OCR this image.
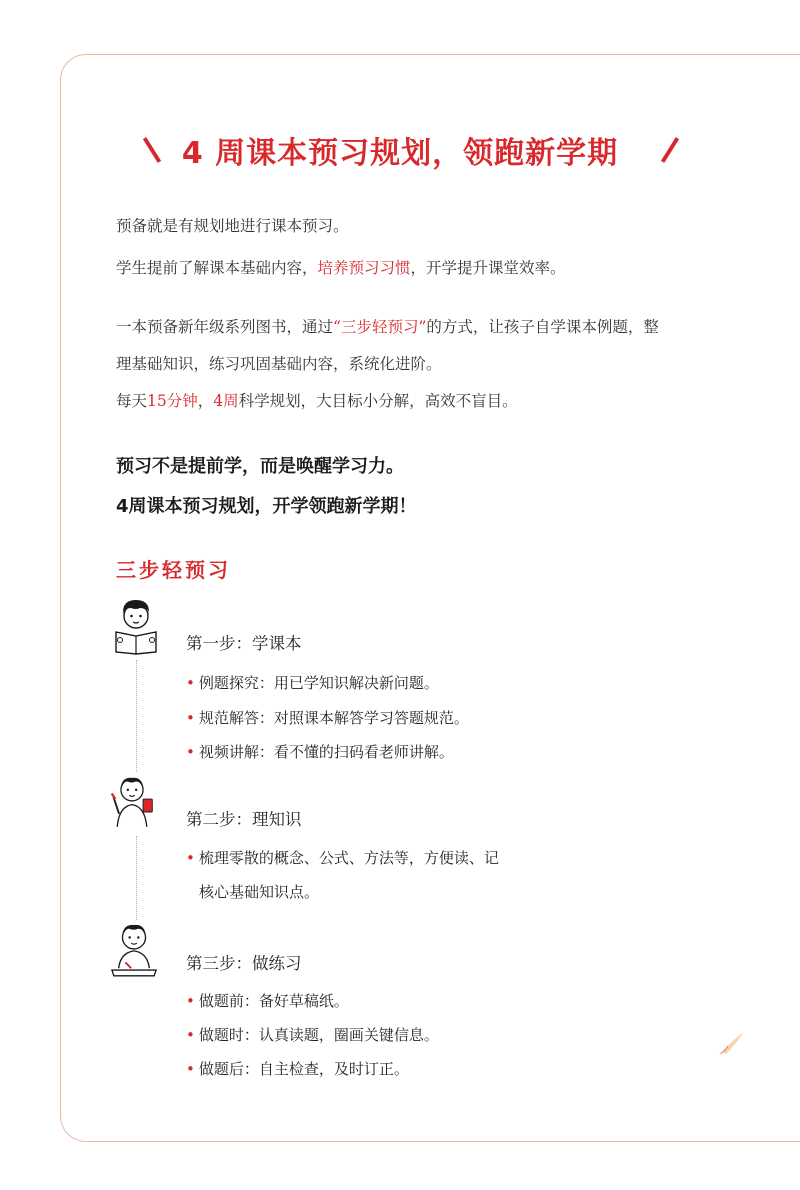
4 周课本预习规划，领跑新学期
预备就是有规划地进行课本预习。
学生提前了解课本基础内容，培养预习习惯，开学提升课堂效率。
一本预备新年级系列图书，通过“三步轻预习”的方式，让孩子自学课本例题，整
理基础知识，练习巩固基础内容，系统化进阶。
每天15分钟，4周科学规划，大目标小分解，高效不盲目。
预习不是提前学，而是唤醒学习力。
4周课本预习规划，开学领跑新学期！
三步轻预习
第一步：学课本
• 例题探究：用已学知识解决新问题。
• 规范解答：对照课本解答学习答题规范。
• 视频讲解：看不懂的扫码看老师讲解。
第二步：理知识
• 梳理零散的概念、公式、方法等，方便读、记
核心基础知识点。
第三步：做练习
• 做题前：备好草稿纸。
• 做题时：认真读题，圈画关键信息。
• 做题后：自主检查，及时订正。
